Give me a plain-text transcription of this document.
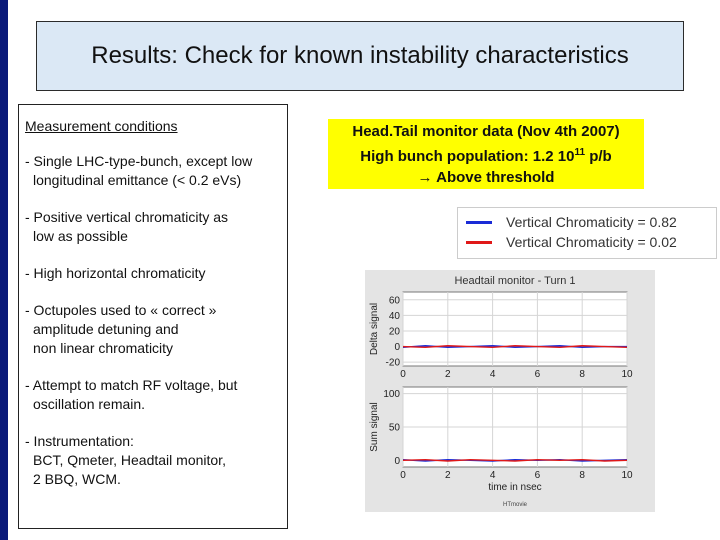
Results: Check for known instability characteristics
Measurement conditions
- Single LHC-type-bunch, except low
longitudinal emittance (< 0.2 eVs)
- Positive vertical chromaticity as
low as possible
- High horizontal chromaticity
- Octupoles used to « correct »
amplitude detuning and
non linear chromaticity
- Attempt to match RF voltage, but
oscillation remain.
- Instrumentation:
BCT, Qmeter, Headtail monitor,
2 BBQ, WCM.
Head.Tail monitor data (Nov 4th 2007)
High bunch population: 1.2 $10^{11}$ p/b
→ Above threshold
Vertical Chromaticity = 0.82
Vertical Chromaticity = 0.02
Headtail monitor - Turn 1
60
40
20
0
-20
0	2	4	6	8	10
Delta signal
100
50
0
0	2	4	6	8	10
Sum signal
time in nsec
HTmovie
